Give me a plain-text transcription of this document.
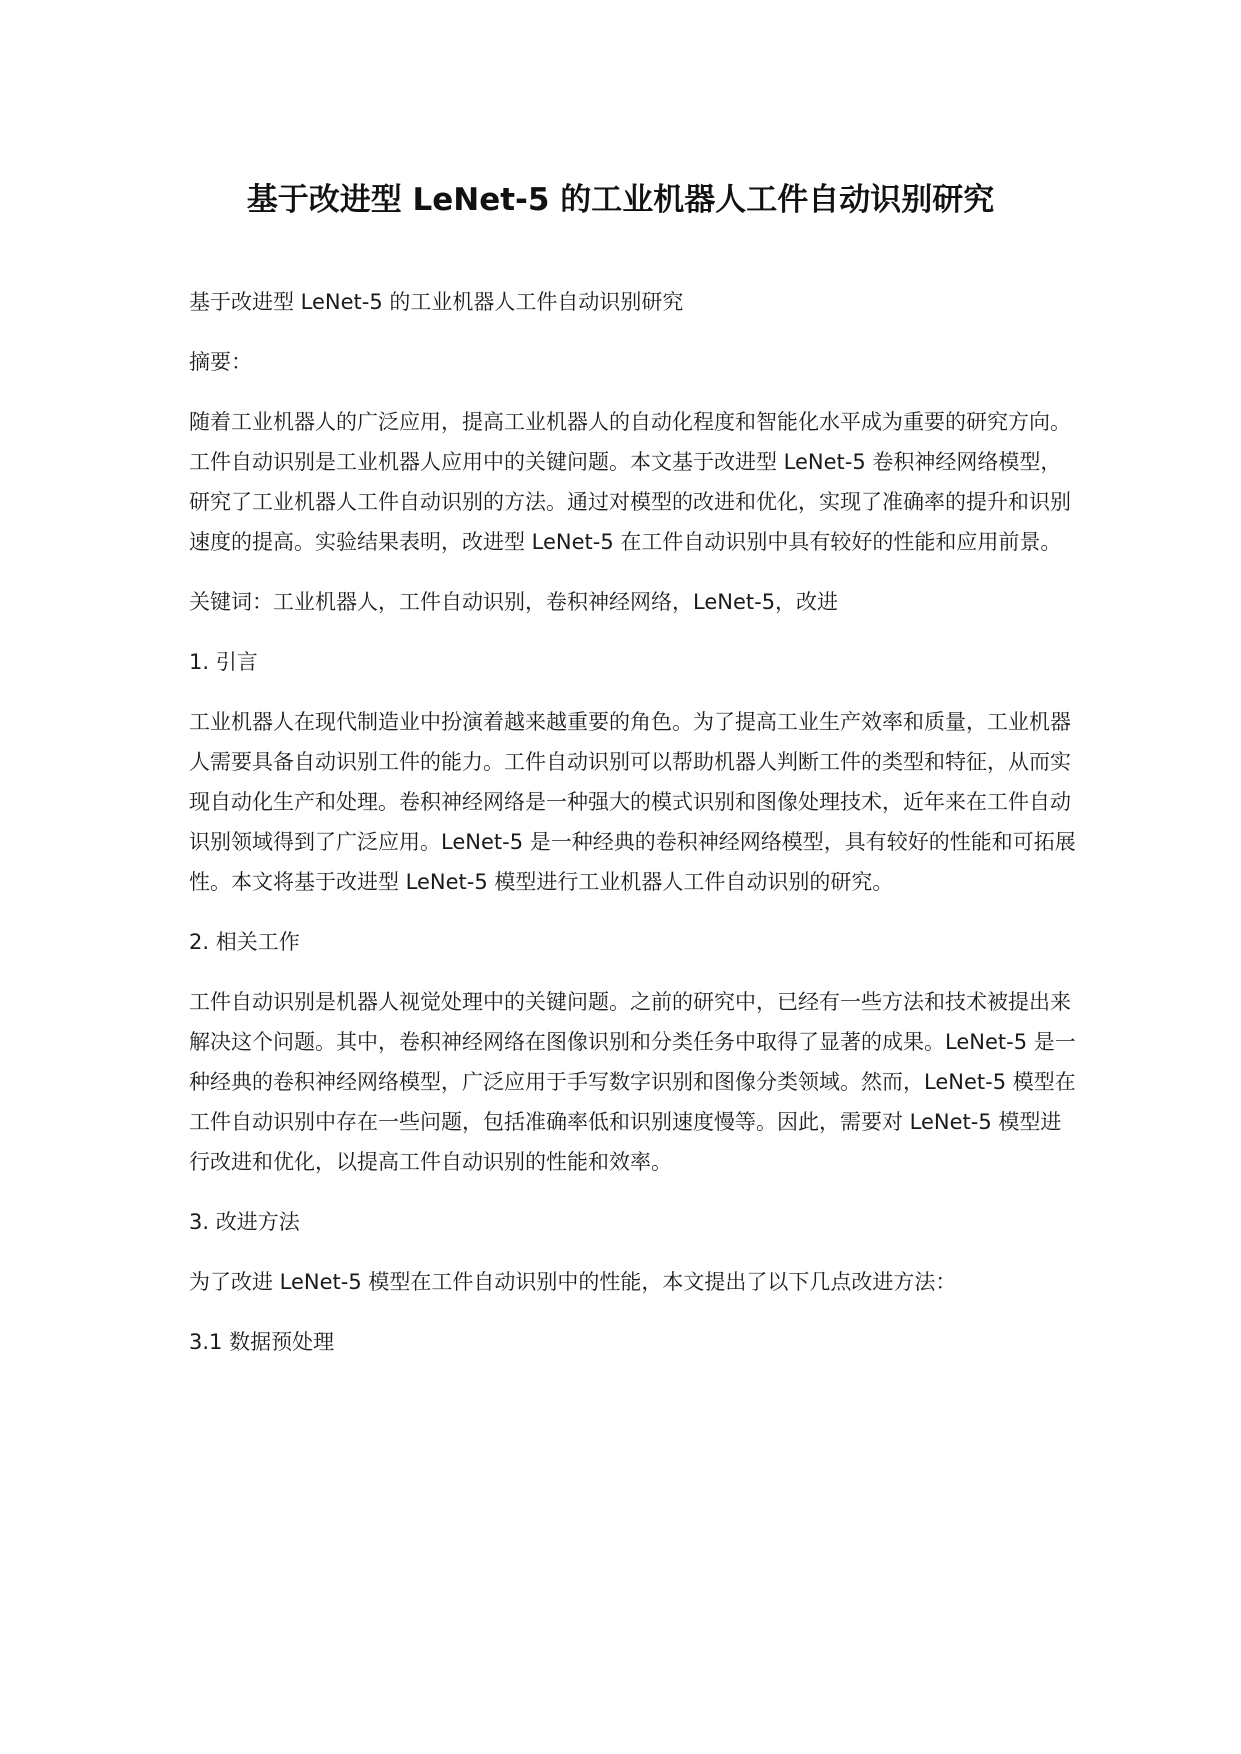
基于改进型 LeNet-5 的工业机器人工件自动识别研究

基于改进型 LeNet-5 的工业机器人工件自动识别研究

摘要：

随着工业机器人的广泛应用，提高工业机器人的自动化程度和智能化水平成为重要的研究方向。工件自动识别是工业机器人应用中的关键问题。本文基于改进型 LeNet-5 卷积神经网络模型，研究了工业机器人工件自动识别的方法。通过对模型的改进和优化，实现了准确率的提升和识别速度的提高。实验结果表明，改进型 LeNet-5 在工件自动识别中具有较好的性能和应用前景。

关键词：工业机器人，工件自动识别，卷积神经网络，LeNet-5，改进

1. 引言

工业机器人在现代制造业中扮演着越来越重要的角色。为了提高工业生产效率和质量，工业机器人需要具备自动识别工件的能力。工件自动识别可以帮助机器人判断工件的类型和特征，从而实现自动化生产和处理。卷积神经网络是一种强大的模式识别和图像处理技术，近年来在工件自动识别领域得到了广泛应用。LeNet-5 是一种经典的卷积神经网络模型，具有较好的性能和可拓展性。本文将基于改进型 LeNet-5 模型进行工业机器人工件自动识别的研究。

2. 相关工作

工件自动识别是机器人视觉处理中的关键问题。之前的研究中，已经有一些方法和技术被提出来解决这个问题。其中，卷积神经网络在图像识别和分类任务中取得了显著的成果。LeNet-5 是一种经典的卷积神经网络模型，广泛应用于手写数字识别和图像分类领域。然而，LeNet-5 模型在工件自动识别中存在一些问题，包括准确率低和识别速度慢等。因此，需要对 LeNet-5 模型进行改进和优化，以提高工件自动识别的性能和效率。

3. 改进方法

为了改进 LeNet-5 模型在工件自动识别中的性能，本文提出了以下几点改进方法：

3.1 数据预处理
